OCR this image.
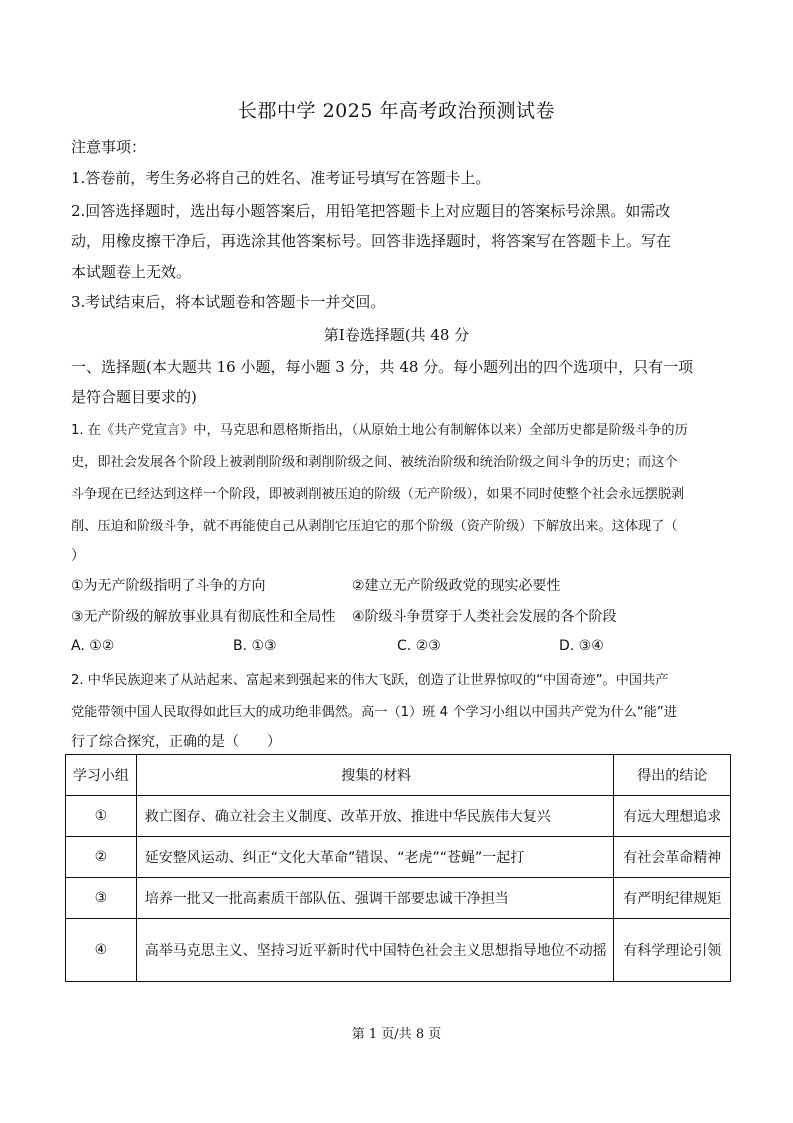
长郡中学 2025 年高考政治预测试卷
注意事项：
1.答卷前，考生务必将自己的姓名、准考证号填写在答题卡上。
2.回答选择题时，选出每小题答案后，用铅笔把答题卡上对应题目的答案标号涂黑。如需改
动，用橡皮擦干净后，再选涂其他答案标号。回答非选择题时，将答案写在答题卡上。写在
本试题卷上无效。
3.考试结束后，将本试题卷和答题卡一并交回。
第Ⅰ卷选择题(共 48 分
一、选择题(本大题共 16 小题，每小题 3 分，共 48 分。每小题列出的四个选项中，只有一项
是符合题目要求的)
1. 在《共产党宣言》中，马克思和恩格斯指出，（从原始土地公有制解体以来）全部历史都是阶级斗争的历
史，即社会发展各个阶段上被剥削阶级和剥削阶级之间、被统治阶级和统治阶级之间斗争的历史；而这个
斗争现在已经达到这样一个阶段，即被剥削被压迫的阶级（无产阶级），如果不同时使整个社会永远摆脱剥
削、压迫和阶级斗争，就不再能使自己从剥削它压迫它的那个阶级（资产阶级）下解放出来。这体现了（
）
①为无产阶级指明了斗争的方向	②建立无产阶级政党的现实必要性
③无产阶级的解放事业具有彻底性和全局性 ④阶级斗争贯穿于人类社会发展的各个阶段
A. ①②	B. ①③	C. ②③	D. ③④
2. 中华民族迎来了从站起来、富起来到强起来的伟大飞跃，创造了让世界惊叹的“中国奇迹”。中国共产
党能带领中国人民取得如此巨大的成功绝非偶然。高一（1）班 4 个学习小组以中国共产党为什么“能”进
行了综合探究，正确的是（　　）
学习小组	搜集的材料	得出的结论
①	救亡图存、确立社会主义制度、改革开放、推进中华民族伟大复兴	有远大理想追求
②	延安整风运动、纠正“文化大革命”错误、“老虎”“苍蝇”一起打	有社会革命精神
③	培养一批又一批高素质干部队伍、强调干部要忠诚干净担当	有严明纪律规矩
④	高举马克思主义、坚持习近平新时代中国特色社会主义思想指导地位不动摇	有科学理论引领
第 1 页/共 8 页
